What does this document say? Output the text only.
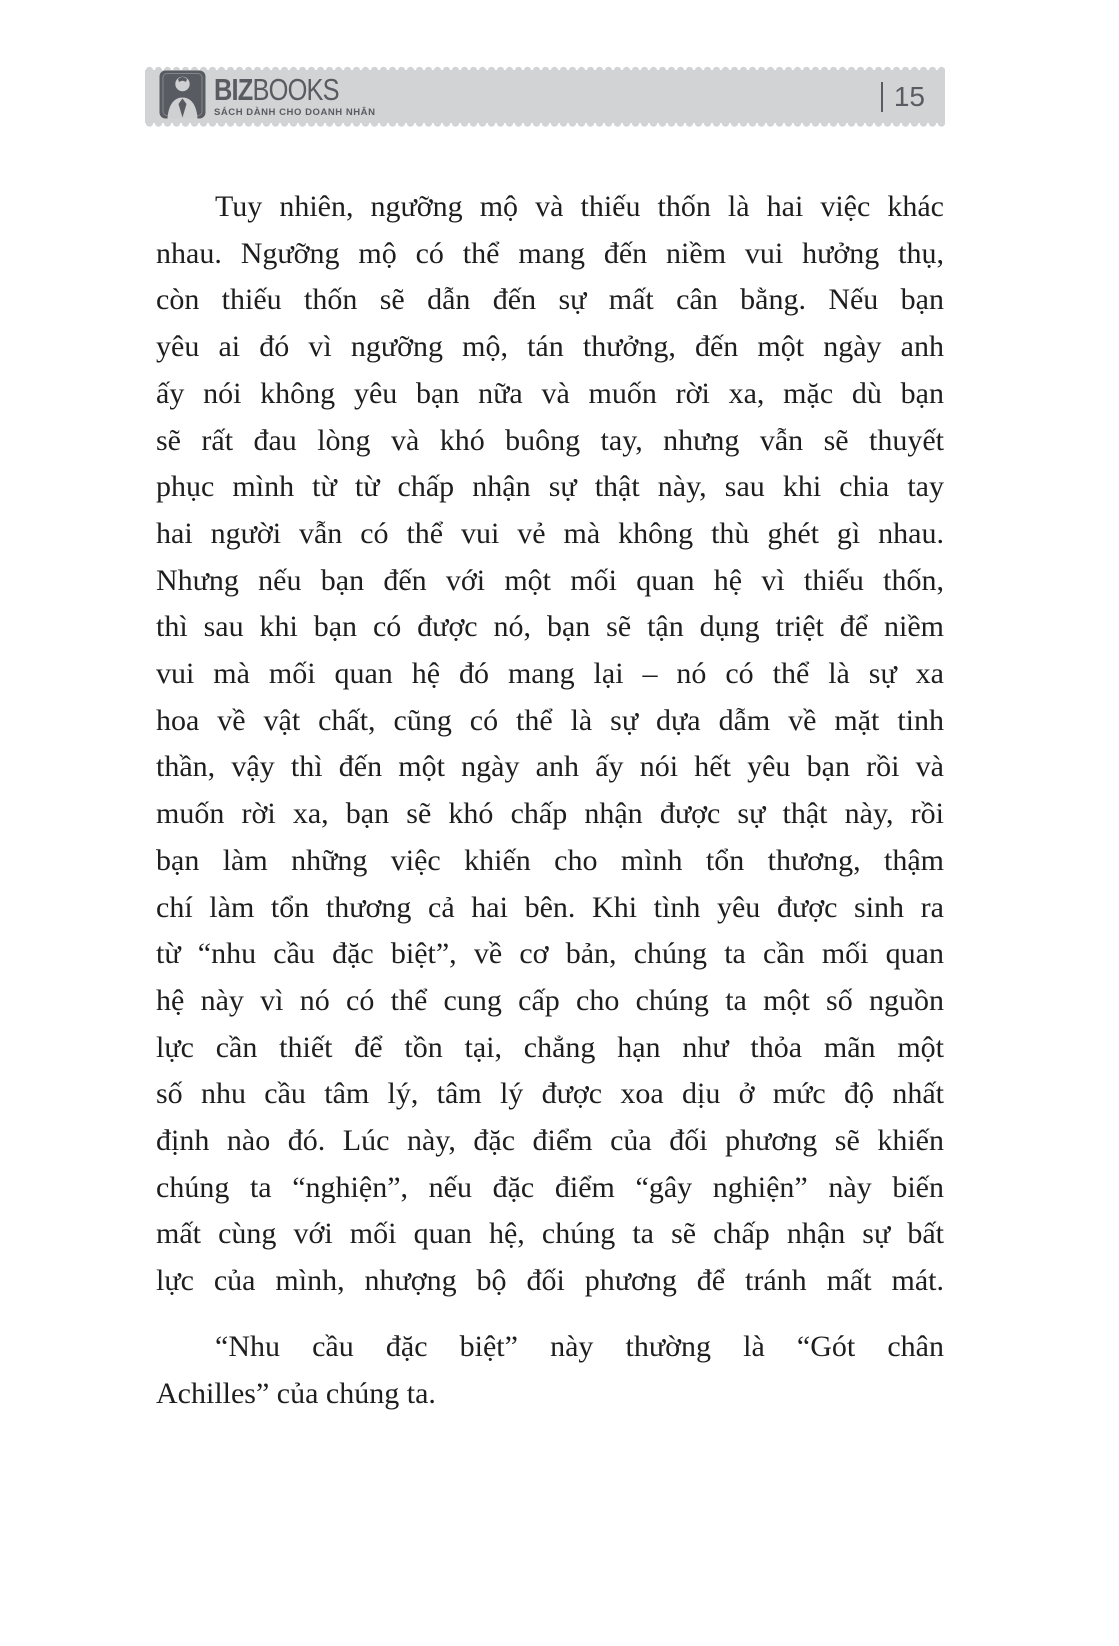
BIZBOOKS
SÁCH DÀNH CHO DOANH NHÂN
15
Tuy nhiên, ngưỡng mộ và thiếu thốn là hai việc khác
nhau. Ngưỡng mộ có thể mang đến niềm vui hưởng thụ,
còn thiếu thốn sẽ dẫn đến sự mất cân bằng. Nếu bạn
yêu ai đó vì ngưỡng mộ, tán thưởng, đến một ngày anh
ấy nói không yêu bạn nữa và muốn rời xa, mặc dù bạn
sẽ rất đau lòng và khó buông tay, nhưng vẫn sẽ thuyết
phục mình từ từ chấp nhận sự thật này, sau khi chia tay
hai người vẫn có thể vui vẻ mà không thù ghét gì nhau.
Nhưng nếu bạn đến với một mối quan hệ vì thiếu thốn,
thì sau khi bạn có được nó, bạn sẽ tận dụng triệt để niềm
vui mà mối quan hệ đó mang lại – nó có thể là sự xa
hoa về vật chất, cũng có thể là sự dựa dẫm về mặt tinh
thần, vậy thì đến một ngày anh ấy nói hết yêu bạn rồi và
muốn rời xa, bạn sẽ khó chấp nhận được sự thật này, rồi
bạn làm những việc khiến cho mình tổn thương, thậm
chí làm tổn thương cả hai bên. Khi tình yêu được sinh ra
từ “nhu cầu đặc biệt”, về cơ bản, chúng ta cần mối quan
hệ này vì nó có thể cung cấp cho chúng ta một số nguồn
lực cần thiết để tồn tại, chẳng hạn như thỏa mãn một
số nhu cầu tâm lý, tâm lý được xoa dịu ở mức độ nhất
định nào đó. Lúc này, đặc điểm của đối phương sẽ khiến
chúng ta “nghiện”, nếu đặc điểm “gây nghiện” này biến
mất cùng với mối quan hệ, chúng ta sẽ chấp nhận sự bất
lực của mình, nhượng bộ đối phương để tránh mất mát.
“Nhu cầu đặc biệt” này thường là “Gót chân
Achilles” của chúng ta.
